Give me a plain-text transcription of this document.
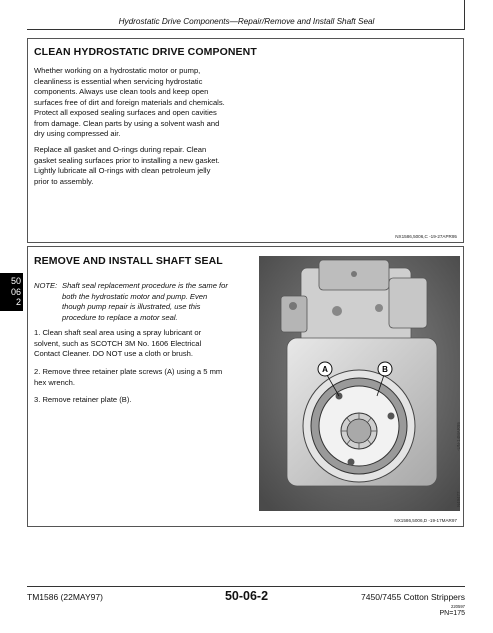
Hydrostatic Drive Components—Repair/Remove and Install Shaft Seal
CLEAN HYDROSTATIC DRIVE COMPONENT
Whether working on a hydrostatic motor or pump,
cleanliness is essential when servicing hydrostatic
components. Always use clean tools and keep open
surfaces free of dirt and foreign materials and chemicals.
Protect all exposed sealing surfaces and open cavities
from damage. Clean parts by using a solvent wash and
dry using compressed air.
Replace all gasket and O-rings during repair. Clean
gasket sealing surfaces prior to installing a new gasket.
Lightly lubricate all O-rings with clean petroleum jelly
prior to assembly.
NX1586,5006,C -19-27APR95
50
06
2
REMOVE AND INSTALL SHAFT SEAL
NOTE: Shaft seal replacement procedure is the same for
both the hydrostatic motor and pump. Even
though pump repair is illustrated, use this
procedure to replace a motor seal.
1. Clean shaft seal area using a spray lubricant or
solvent, such as SCOTCH 3M No. 1606 Electrical
Contact Cleaner. DO NOT use a cloth or brush.
2. Remove three retainer plate screws (A) using a 5 mm
hex wrench.
3. Remove retainer plate (B).
A	B
-UN-14MAR95
N49477
NX1586,5006,D -19-17MAR97
TM1586 (22MAY97)	50-06-2	7450/7455 Cotton Strippers
220597
PN=175
